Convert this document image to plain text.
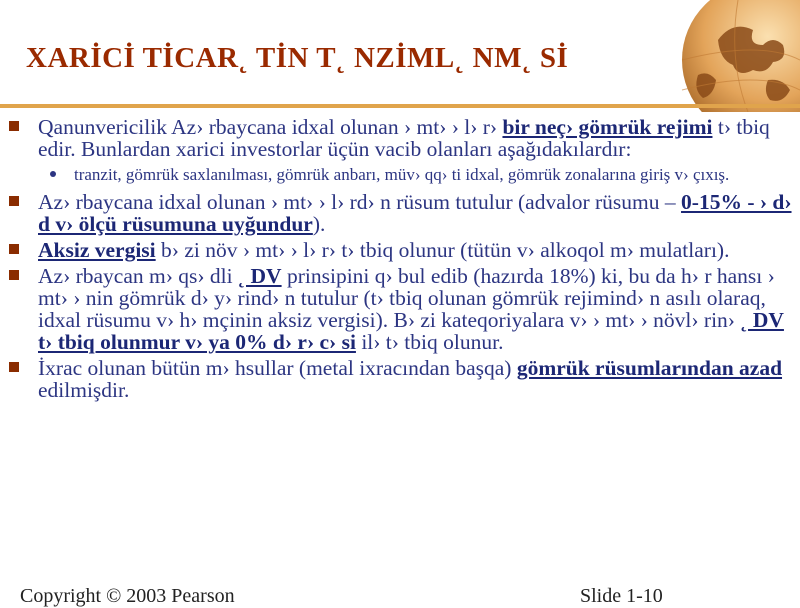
XARİCİ TİCAR˛ TİN T˛ NZİML˛ NM˛ Sİ
Qanunvericilik Az› rbaycana idxal olunan › mt› › l› r› bir neç› gömrük rejimi t› tbiq edir. Bunlardan xarici investorlar üçün vacib olanları aşağıdakılardır:
tranzit, gömrük saxlanılması, gömrük anbarı, müv› qq› ti idxal, gömrük zonalarına giriş v› çıxış.
Az› rbaycana idxal olunan › mt› › l› rd› n rüsum tutulur (advalor rüsumu – 0-15% - › d› d v› ölçü rüsumuna uyğundur).
Aksiz vergisi b› zi növ › mt› › l› r› t› tbiq olunur (tütün v› alkoqol m› mulatları).
Az› rbaycan m› qs› dli ˛ DV prinsipini q› bul edib (hazırda 18%) ki, bu da h› r hansı › mt› › nin gömrük d› y› rind› n tutulur (t› tbiq olunan gömrük rejimind› n asılı olaraq, idxal rüsumu v› h› mçinin aksiz vergisi). B› zi kateqoriyalara v› › mt› › növl› rin› ˛ DV t› tbiq olunmur v› ya 0% d› r› c› si il› t› tbiq olunur.
İxrac olunan bütün m› hsullar (metal ixracından başqa) gömrük rüsumlarından azad edilmişdir.
Copyright © 2003 Pearson	Slide 1-10
